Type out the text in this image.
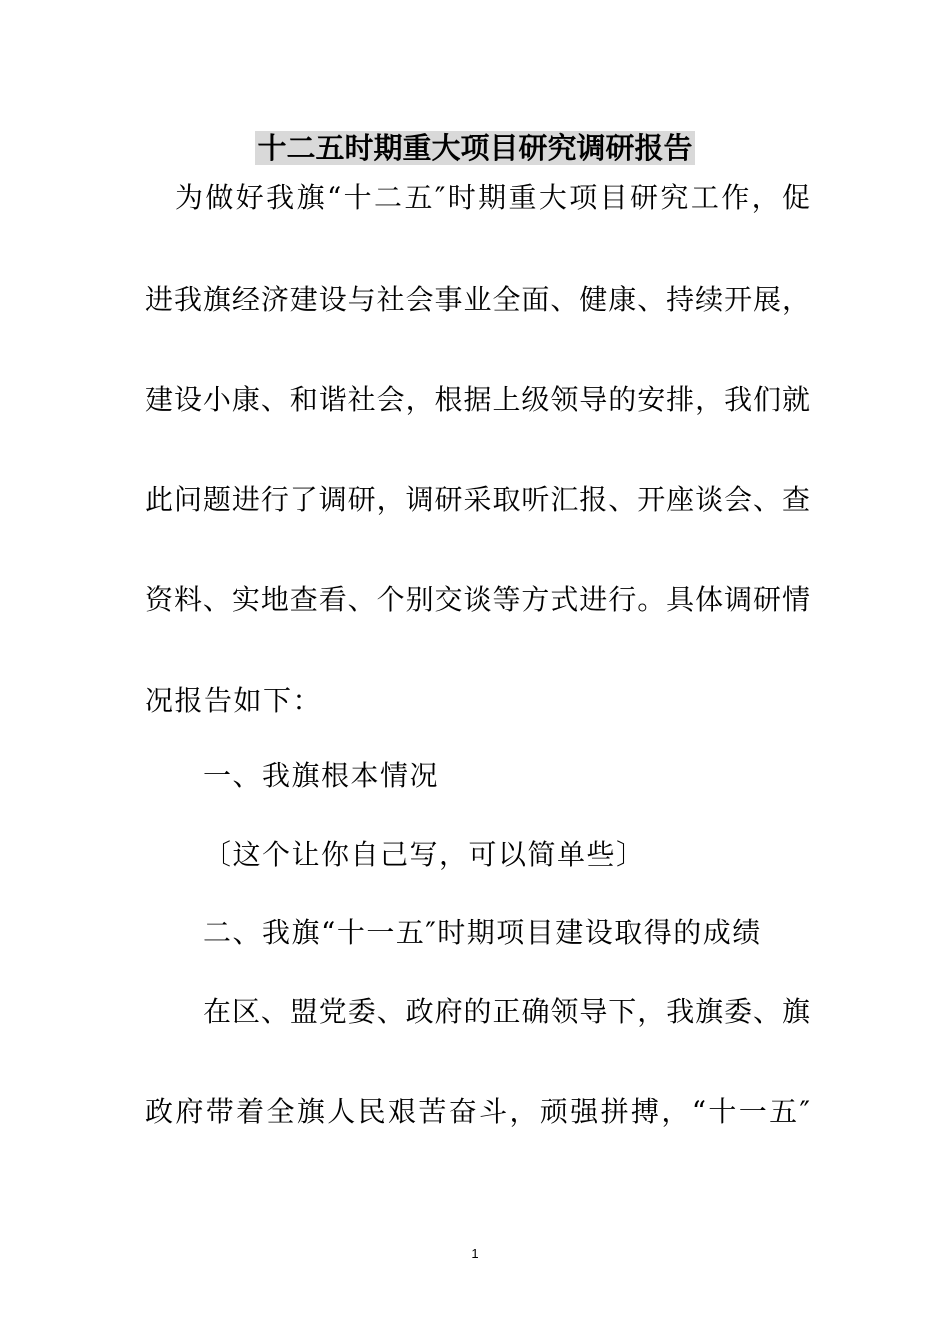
十二五时期重大项目研究调研报告
为做好我旗“十二五″时期重大项目研究工作，促
进我旗经济建设与社会事业全面、健康、持续开展，
建设小康、和谐社会，根据上级领导的安排，我们就
此问题进行了调研，调研采取听汇报、开座谈会、查
资料、实地查看、个别交谈等方式进行。具体调研情
况报告如下：
一、我旗根本情况
〔这个让你自己写，可以简单些〕
二、我旗“十一五″时期项目建设取得的成绩
在区、盟党委、政府的正确领导下，我旗委、旗
政府带着全旗人民艰苦奋斗，顽强拼搏，“十一五″
1
